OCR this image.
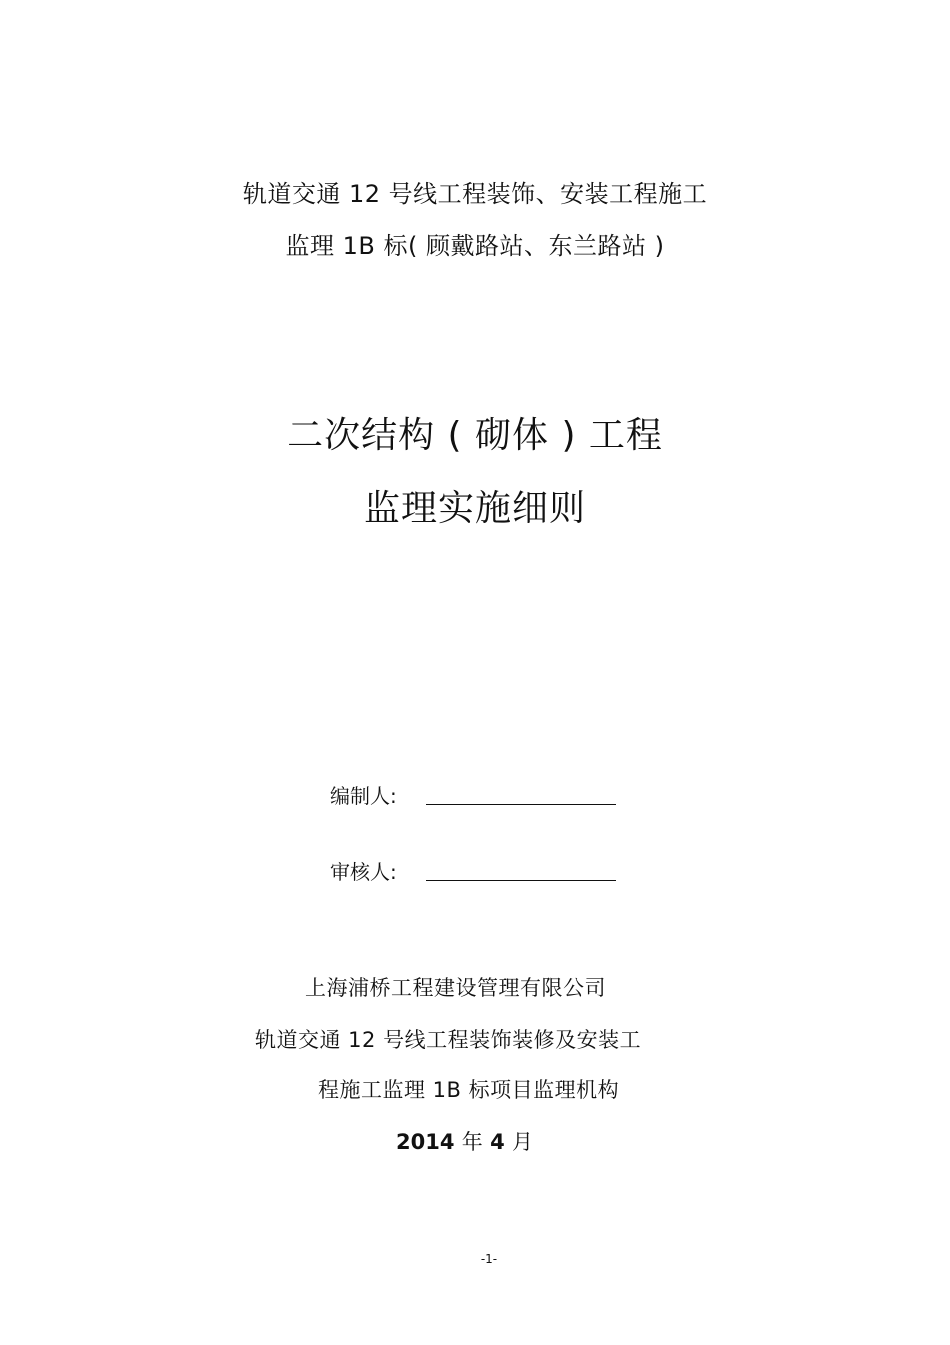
轨道交通 12 号线工程装饰、安装工程施工
监理 1B 标( 顾戴路站、东兰路站 )
二次结构 ( 砌体 ) 工程
监理实施细则
编制人:
审核人:
上海浦桥工程建设管理有限公司
轨道交通 12 号线工程装饰装修及安装工
程施工监理 1B 标项目监理机构
2014 年 4 月
-1-
